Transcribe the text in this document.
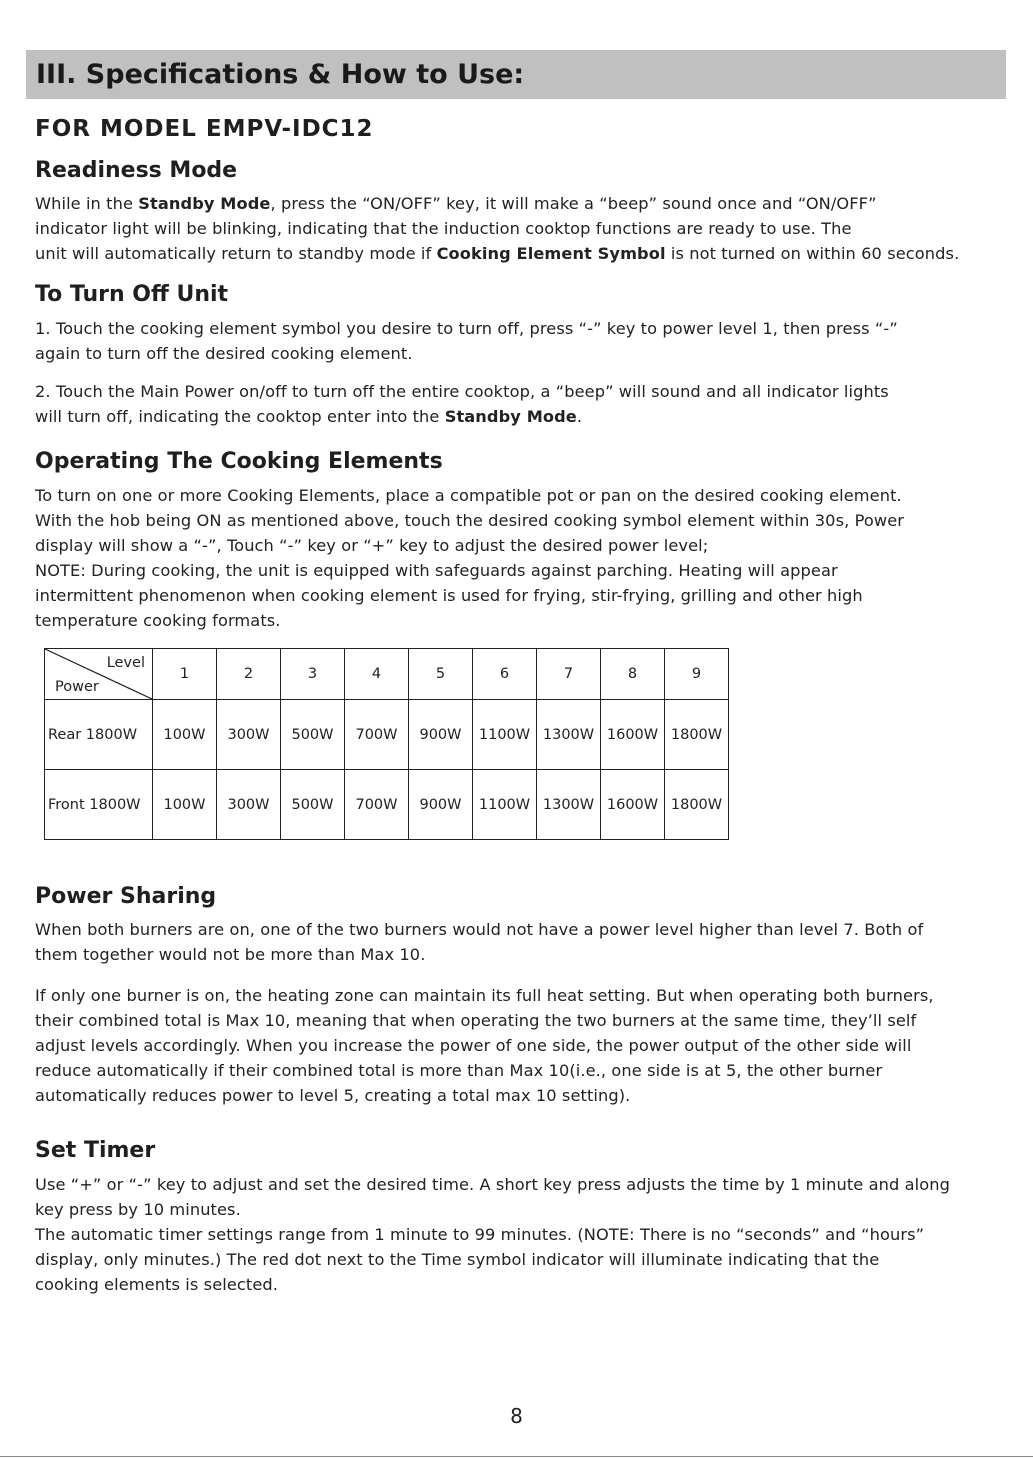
III. Specifications & How to Use:
FOR MODEL EMPV-IDC12
Readiness Mode
While in the Standby Mode, press the “ON/OFF” key, it will make a “beep” sound once and “ON/OFF”
indicator light will be blinking, indicating that the induction cooktop functions are ready to use. The
unit will automatically return to standby mode if Cooking Element Symbol is not turned on within 60 seconds.
To Turn Off Unit
1. Touch the cooking element symbol you desire to turn off, press “-” key to power level 1, then press “-”
again to turn off the desired cooking element.
2. Touch the Main Power on/off to turn off the entire cooktop, a “beep” will sound and all indicator lights
will turn off, indicating the cooktop enter into the Standby Mode.
Operating The Cooking Elements
To turn on one or more Cooking Elements, place a compatible pot or pan on the desired cooking element.
With the hob being ON as mentioned above, touch the desired cooking symbol element within 30s, Power
display will show a “-”, Touch “-” key or “+” key to adjust the desired power level;
NOTE: During cooking, the unit is equipped with safeguards against parching. Heating will appear
intermittent phenomenon when cooking element is used for frying, stir-frying, grilling and other high
temperature cooking formats.
Level
Power	1	2	3	4	5	6	7	8	9
Rear 1800W	100W	300W	500W	700W	900W	1100W	1300W	1600W	1800W
Front 1800W	100W	300W	500W	700W	900W	1100W	1300W	1600W	1800W
Power Sharing
When both burners are on, one of the two burners would not have a power level higher than level 7. Both of
them together would not be more than Max 10.
If only one burner is on, the heating zone can maintain its full heat setting. But when operating both burners,
their combined total is Max 10, meaning that when operating the two burners at the same time, they’ll self
adjust levels accordingly. When you increase the power of one side, the power output of the other side will
reduce automatically if their combined total is more than Max 10(i.e., one side is at 5, the other burner
automatically reduces power to level 5, creating a total max 10 setting).
Set Timer
Use “+” or “-” key to adjust and set the desired time. A short key press adjusts the time by 1 minute and along
key press by 10 minutes.
The automatic timer settings range from 1 minute to 99 minutes. (NOTE: There is no “seconds” and “hours”
display, only minutes.) The red dot next to the Time symbol indicator will illuminate indicating that the
cooking elements is selected.
8
